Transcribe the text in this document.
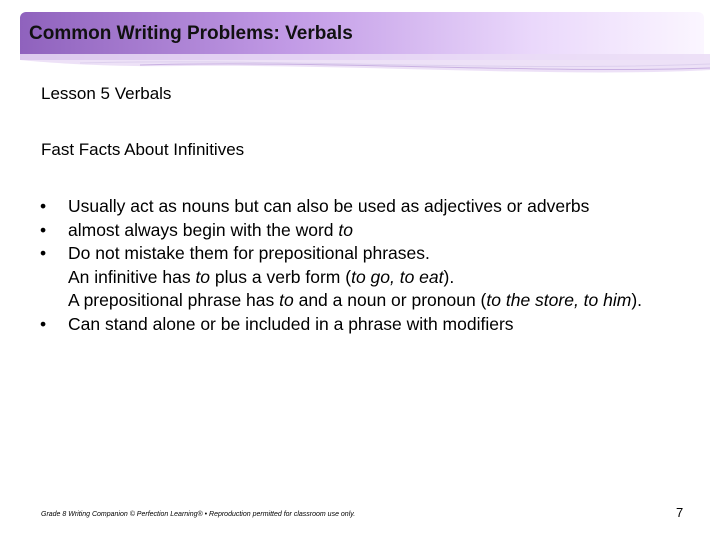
Common Writing Problems: Verbals
Lesson 5 Verbals
Fast Facts About Infinitives
•	Usually act as nouns but can also be used as adjectives or adverbs
•	almost always begin with the word to
•	Do not mistake them for prepositional phrases.
An infinitive has to plus a verb form (to go, to eat).
A prepositional phrase has to and a noun or pronoun (to the store, to him).
•	Can stand alone or be included in a phrase with modifiers
Grade 8 Writing Companion © Perfection Learning® • Reproduction permitted for classroom use only.	7
